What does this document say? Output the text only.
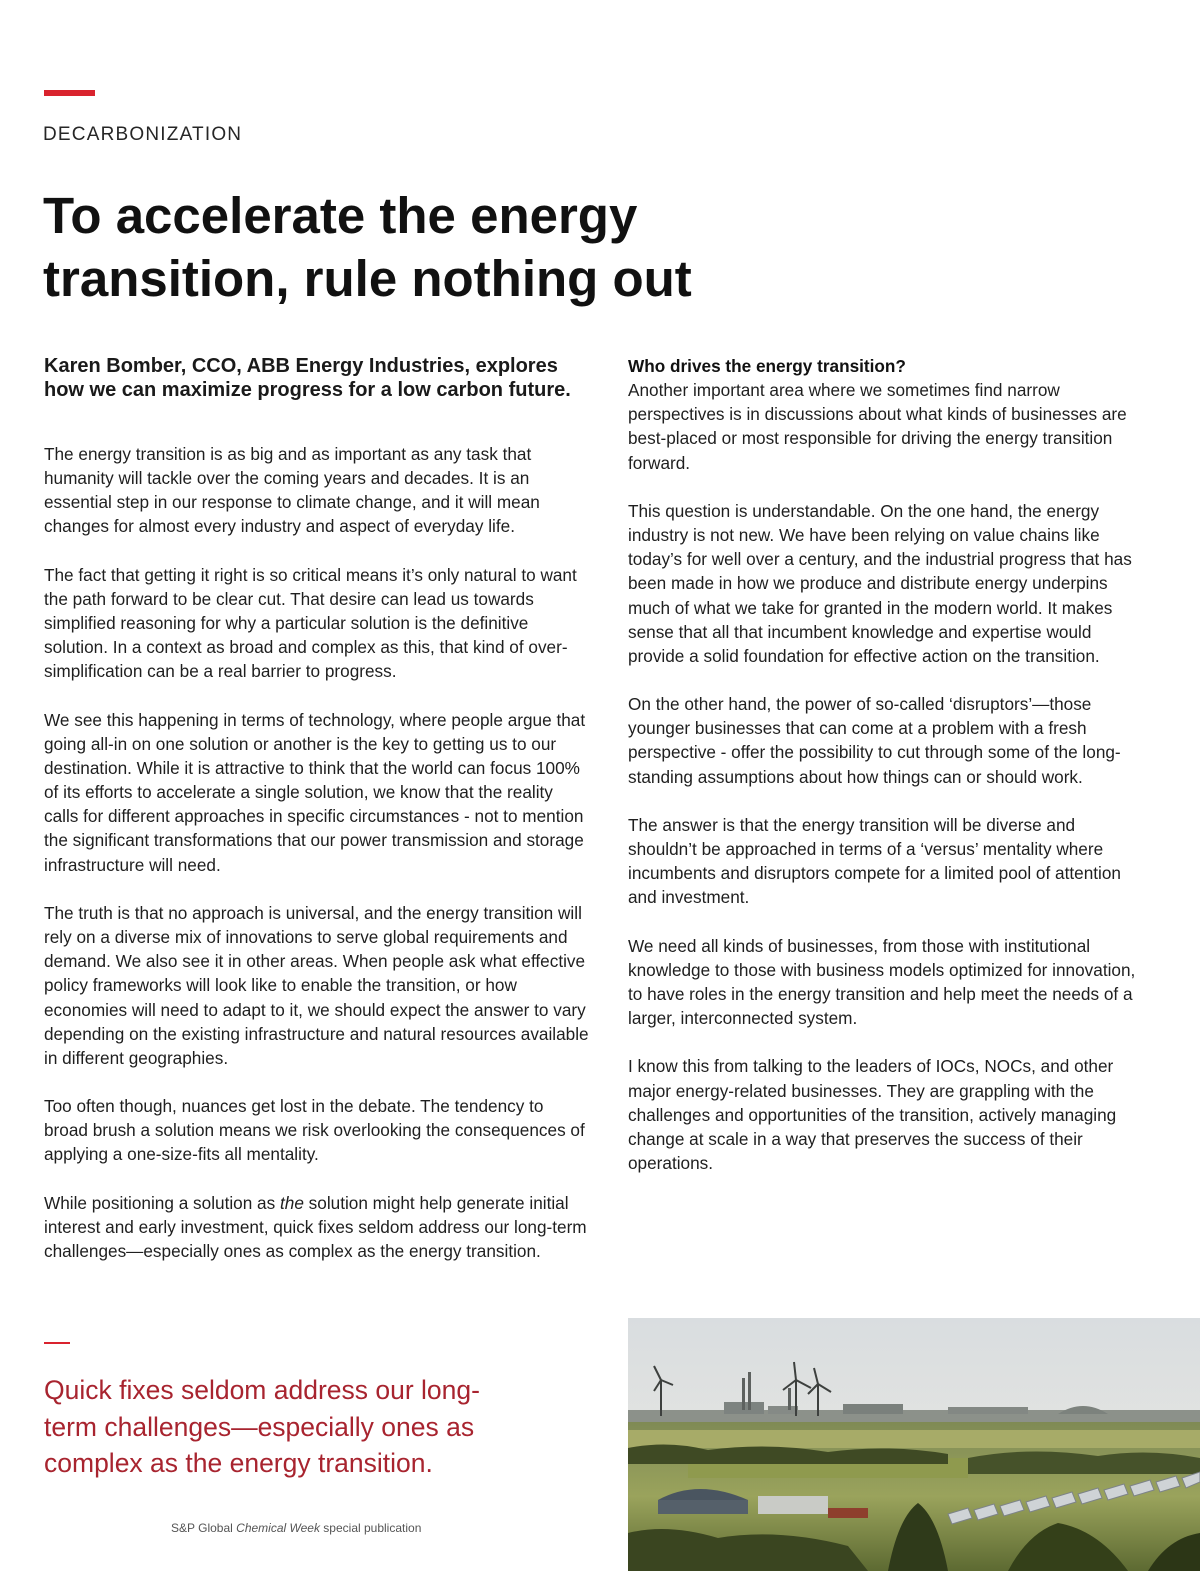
DECARBONIZATION
To accelerate the energy transition, rule nothing out

Karen Bomber, CCO, ABB Energy Industries, explores how we can maximize progress for a low carbon future.

The energy transition is as big and as important as any task that humanity will tackle over the coming years and decades. It is an essential step in our response to climate change, and it will mean changes for almost every industry and aspect of everyday life.

The fact that getting it right is so critical means it’s only natural to want the path forward to be clear cut. That desire can lead us towards simplified reasoning for why a particular solution is the definitive solution. In a context as broad and complex as this, that kind of over-simplification can be a real barrier to progress.

We see this happening in terms of technology, where people argue that going all-in on one solution or another is the key to getting us to our destination. While it is attractive to think that the world can focus 100% of its efforts to accelerate a single solution, we know that the reality calls for different approaches in specific circumstances - not to mention the significant transformations that our power transmission and storage infrastructure will need.

The truth is that no approach is universal, and the energy transition will rely on a diverse mix of innovations to serve global requirements and demand. We also see it in other areas. When people ask what effective policy frameworks will look like to enable the transition, or how economies will need to adapt to it, we should expect the answer to vary depending on the existing infrastructure and natural resources available in different geographies.

Too often though, nuances get lost in the debate. The tendency to broad brush a solution means we risk overlooking the consequences of applying a one-size-fits all mentality.

While positioning a solution as the solution might help generate initial interest and early investment, quick fixes seldom address our long-term challenges—especially ones as complex as the energy transition.

Who drives the energy transition?
Another important area where we sometimes find narrow perspectives is in discussions about what kinds of businesses are best-placed or most responsible for driving the energy transition forward.

This question is understandable. On the one hand, the energy industry is not new. We have been relying on value chains like today’s for well over a century, and the industrial progress that has been made in how we produce and distribute energy underpins much of what we take for granted in the modern world. It makes sense that all that incumbent knowledge and expertise would provide a solid foundation for effective action on the transition.

On the other hand, the power of so-called ‘disruptors’—those younger businesses that can come at a problem with a fresh perspective - offer the possibility to cut through some of the long-standing assumptions about how things can or should work.

The answer is that the energy transition will be diverse and shouldn’t be approached in terms of a ‘versus’ mentality where incumbents and disruptors compete for a limited pool of attention and investment.

We need all kinds of businesses, from those with institutional knowledge to those with business models optimized for innovation, to have roles in the energy transition and help meet the needs of a larger, interconnected system.

I know this from talking to the leaders of IOCs, NOCs, and other major energy-related businesses. They are grappling with the challenges and opportunities of the transition, actively managing change at scale in a way that preserves the success of their operations.

Quick fixes seldom address our long-term challenges—especially ones as complex as the energy transition.

S&P Global Chemical Week special publication
